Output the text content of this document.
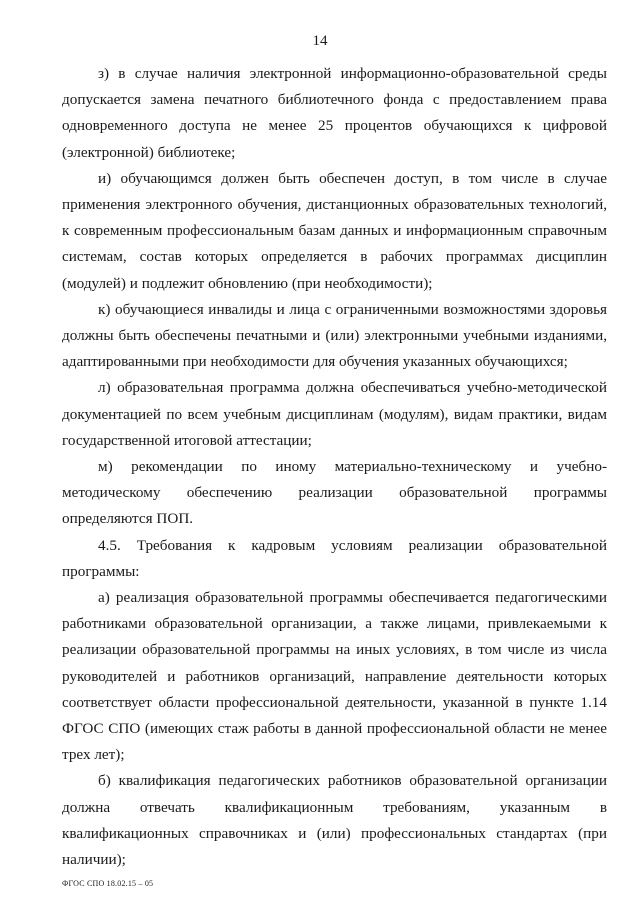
14

з) в случае наличия электронной информационно-образовательной среды допускается замена печатного библиотечного фонда с предоставлением права одновременного доступа не менее 25 процентов обучающихся к цифровой (электронной) библиотеке;

и) обучающимся должен быть обеспечен доступ, в том числе в случае применения электронного обучения, дистанционных образовательных технологий, к современным профессиональным базам данных и информационным справочным системам, состав которых определяется в рабочих программах дисциплин (модулей) и подлежит обновлению (при необходимости);

к) обучающиеся инвалиды и лица с ограниченными возможностями здоровья должны быть обеспечены печатными и (или) электронными учебными изданиями, адаптированными при необходимости для обучения указанных обучающихся;

л) образовательная программа должна обеспечиваться учебно-методической документацией по всем учебным дисциплинам (модулям), видам практики, видам государственной итоговой аттестации;

м) рекомендации по иному материально-техническому и учебно-методическому обеспечению реализации образовательной программы определяются ПОП.

4.5. Требования к кадровым условиям реализации образовательной программы:

а) реализация образовательной программы обеспечивается педагогическими работниками образовательной организации, а также лицами, привлекаемыми к реализации образовательной программы на иных условиях, в том числе из числа руководителей и работников организаций, направление деятельности которых соответствует области профессиональной деятельности, указанной в пункте 1.14 ФГОС СПО (имеющих стаж работы в данной профессиональной области не менее трех лет);

б) квалификация педагогических работников образовательной организации должна отвечать квалификационным требованиям, указанным в квалификационных справочниках и (или) профессиональных стандартах (при наличии);

ФГОС СПО 18.02.15 – 05
